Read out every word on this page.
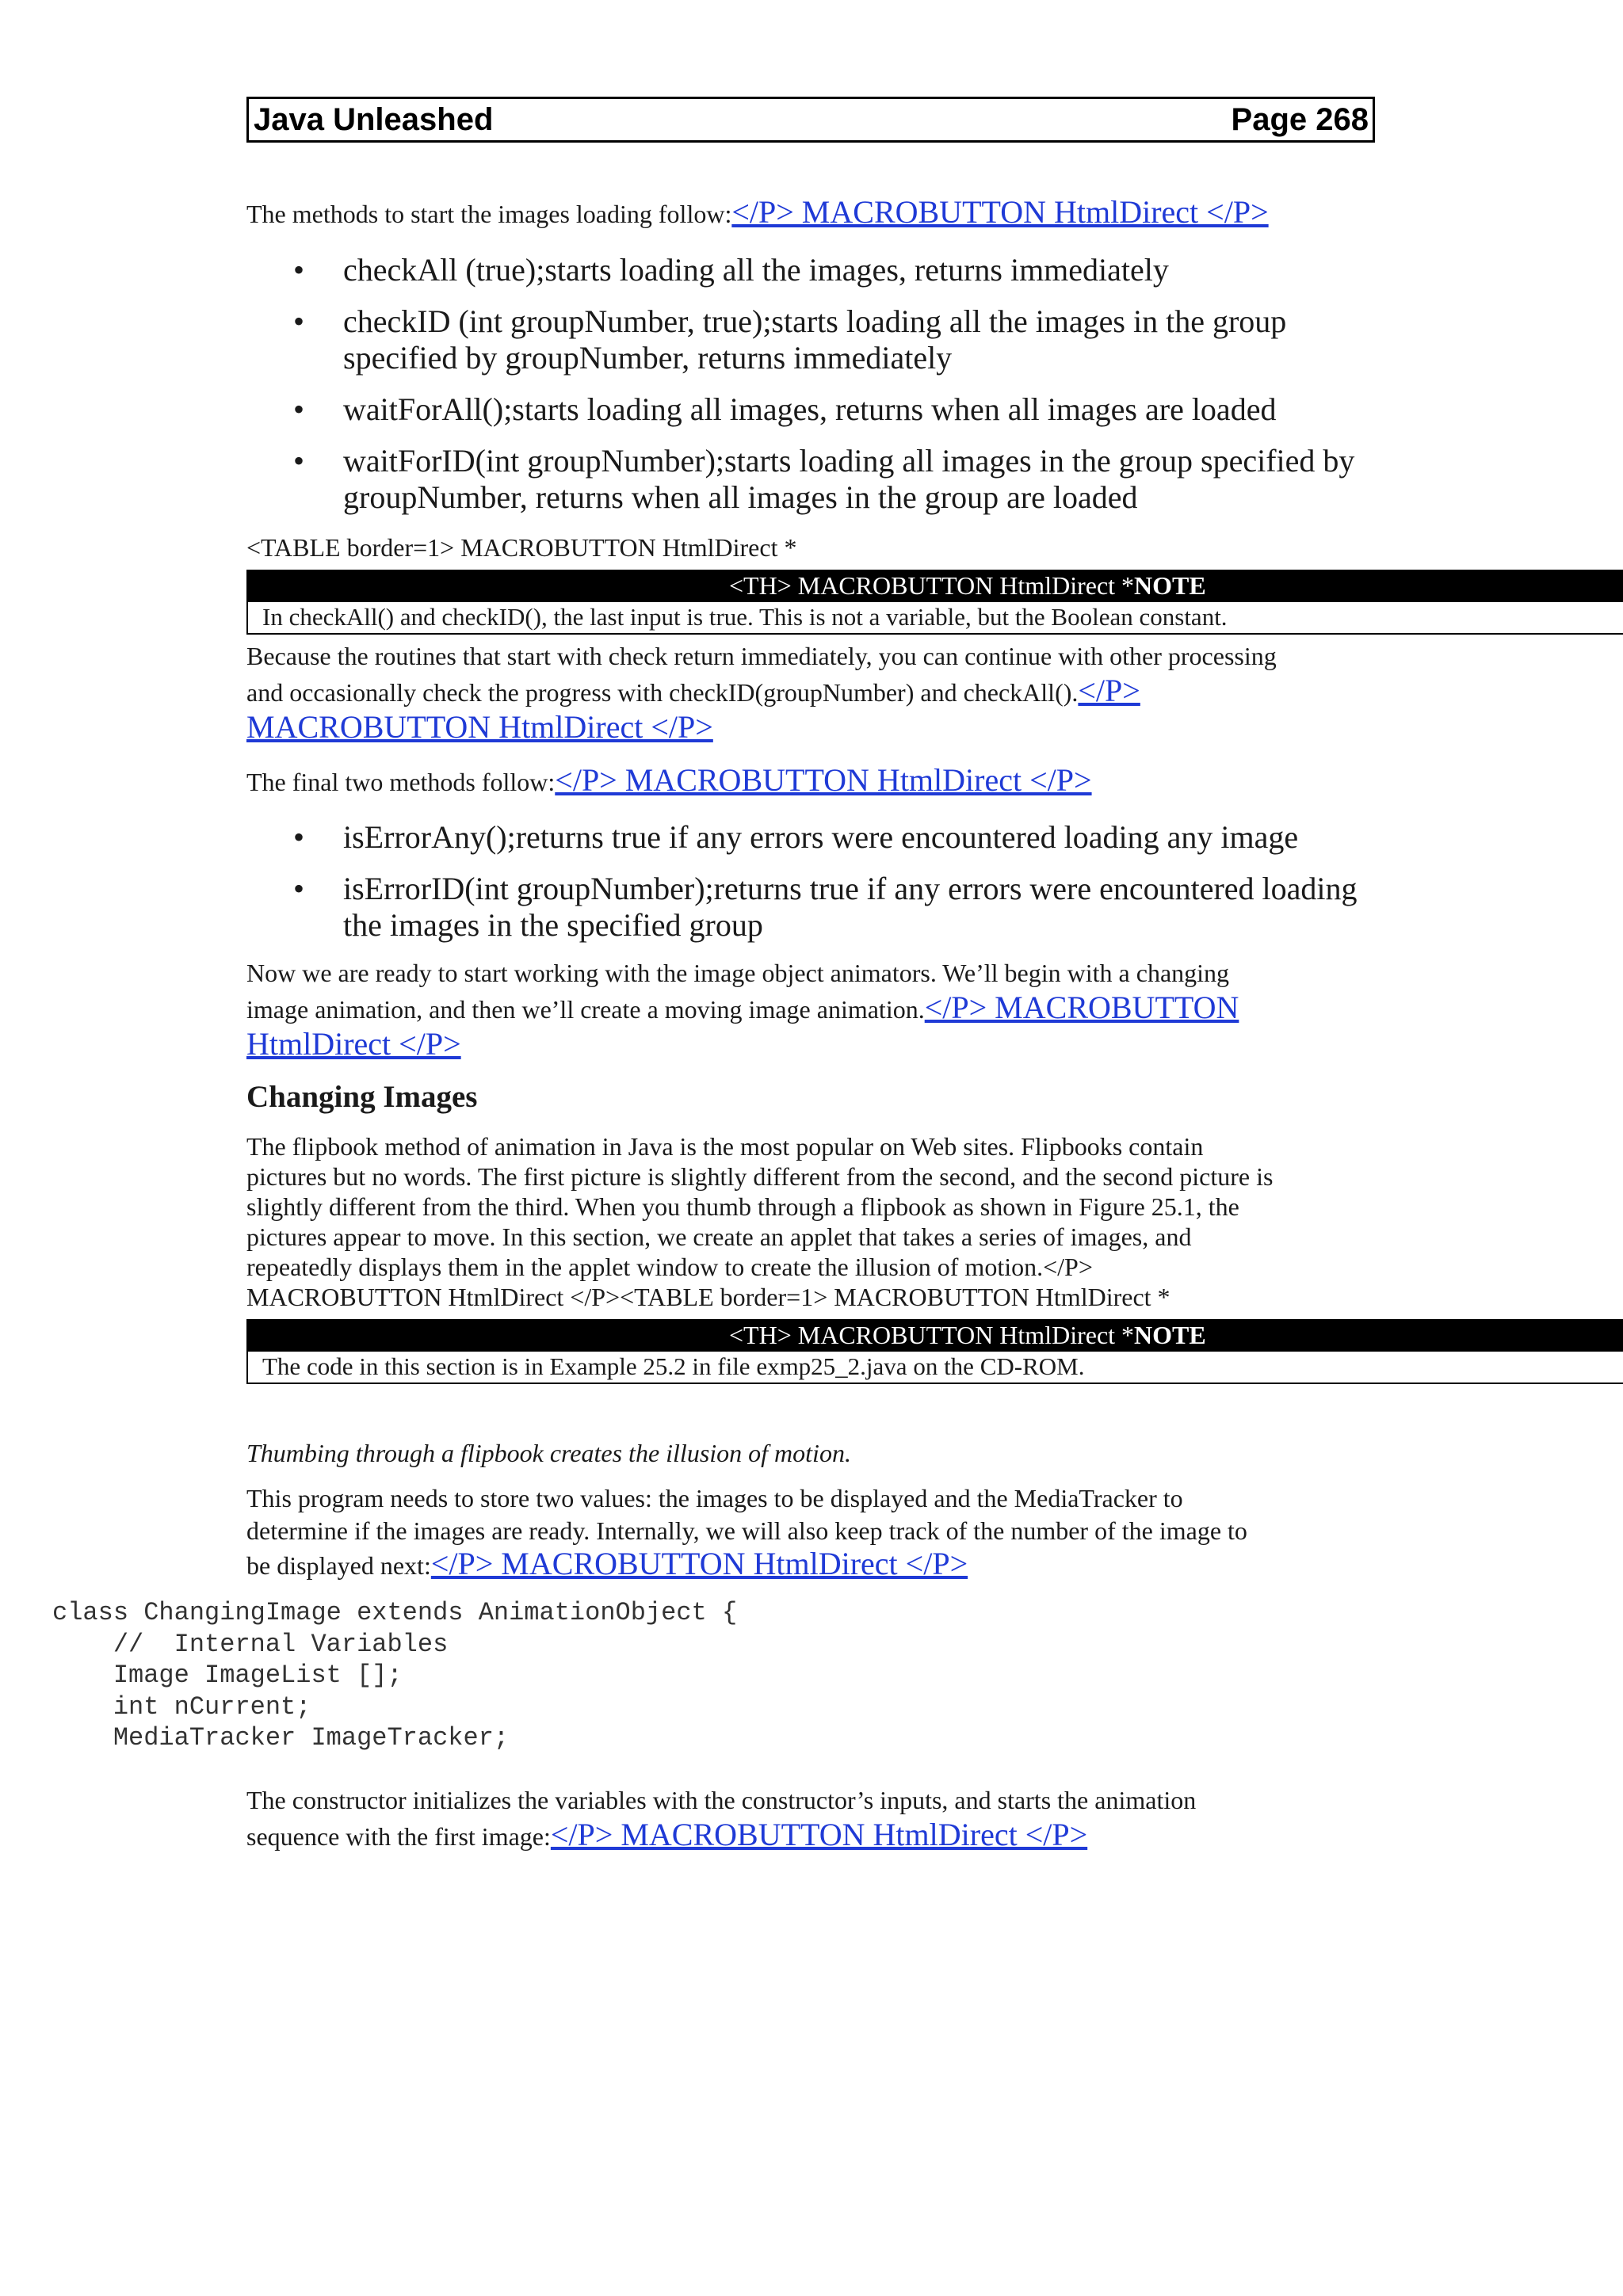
Java Unleashed	Page 268
The methods to start the images loading follow:</P> MACROBUTTON HtmlDirect </P>
• checkAll (true);starts loading all the images, returns immediately
• checkID (int groupNumber, true);starts loading all the images in the group specified by groupNumber, returns immediately
• waitForAll();starts loading all images, returns when all images are loaded
• waitForID(int groupNumber);starts loading all images in the group specified by groupNumber, returns when all images in the group are loaded
<TABLE border=1> MACROBUTTON HtmlDirect *
<TH> MACROBUTTON HtmlDirect *NOTE
In checkAll() and checkID(), the last input is true. This is not a variable, but the Boolean constant.
Because the routines that start with check return immediately, you can continue with other processing
and occasionally check the progress with checkID(groupNumber) and checkAll().</P>
MACROBUTTON HtmlDirect </P>
The final two methods follow:</P> MACROBUTTON HtmlDirect </P>
• isErrorAny();returns true if any errors were encountered loading any image
• isErrorID(int groupNumber);returns true if any errors were encountered loading the images in the specified group
Now we are ready to start working with the image object animators. We’ll begin with a changing
image animation, and then we’ll create a moving image animation.</P> MACROBUTTON
HtmlDirect </P>
Changing Images
The flipbook method of animation in Java is the most popular on Web sites. Flipbooks contain
pictures but no words. The first picture is slightly different from the second, and the second picture is
slightly different from the third. When you thumb through a flipbook as shown in Figure 25.1, the
pictures appear to move. In this section, we create an applet that takes a series of images, and
repeatedly displays them in the applet window to create the illusion of motion.</P>
MACROBUTTON HtmlDirect </P><TABLE border=1> MACROBUTTON HtmlDirect *
<TH> MACROBUTTON HtmlDirect *NOTE
The code in this section is in Example 25.2 in file exmp25_2.java on the CD-ROM.
Thumbing through a flipbook creates the illusion of motion.
This program needs to store two values: the images to be displayed and the MediaTracker to
determine if the images are ready. Internally, we will also keep track of the number of the image to
be displayed next:</P> MACROBUTTON HtmlDirect </P>
class ChangingImage extends AnimationObject {
//  Internal Variables
Image ImageList [];
int nCurrent;
MediaTracker ImageTracker;
The constructor initializes the variables with the constructor’s inputs, and starts the animation
sequence with the first image:</P> MACROBUTTON HtmlDirect </P>
